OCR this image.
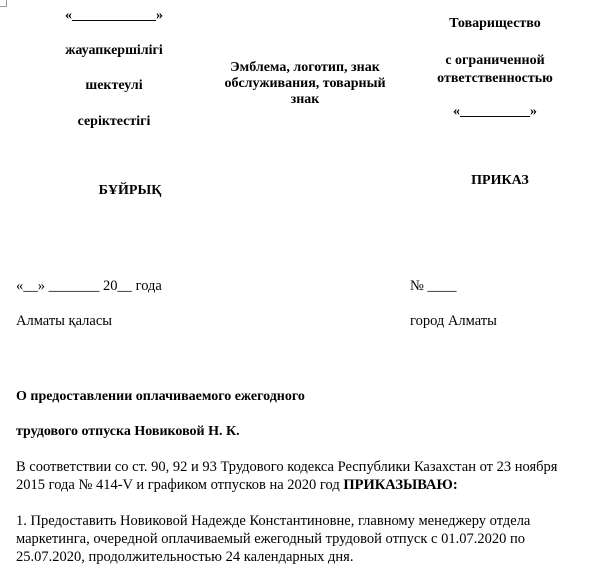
«____________»
жауапкершілігі
шектеулі
серіктестігі
Эмблема, логотип, знак обслуживания, товарный знак
Товарищество
с ограниченной ответственностью
«__________»
БҰЙРЫҚ
ПРИКАЗ
«__» _______ 20__ года	№ ____
Алматы қаласы	город Алматы
О предоставлении оплачиваемого ежегодного
трудового отпуска Новиковой Н. К.
В соответствии со ст. 90, 92 и 93 Трудового кодекса Республики Казахстан от 23 ноября 2015 года № 414-V и графиком отпусков на 2020 год ПРИКАЗЫВАЮ:
1. Предоставить Новиковой Надежде Константиновне, главному менеджеру отдела маркетинга, очередной оплачиваемый ежегодный трудовой отпуск с 01.07.2020 по 25.07.2020, продолжительностью 24 календарных дня.
